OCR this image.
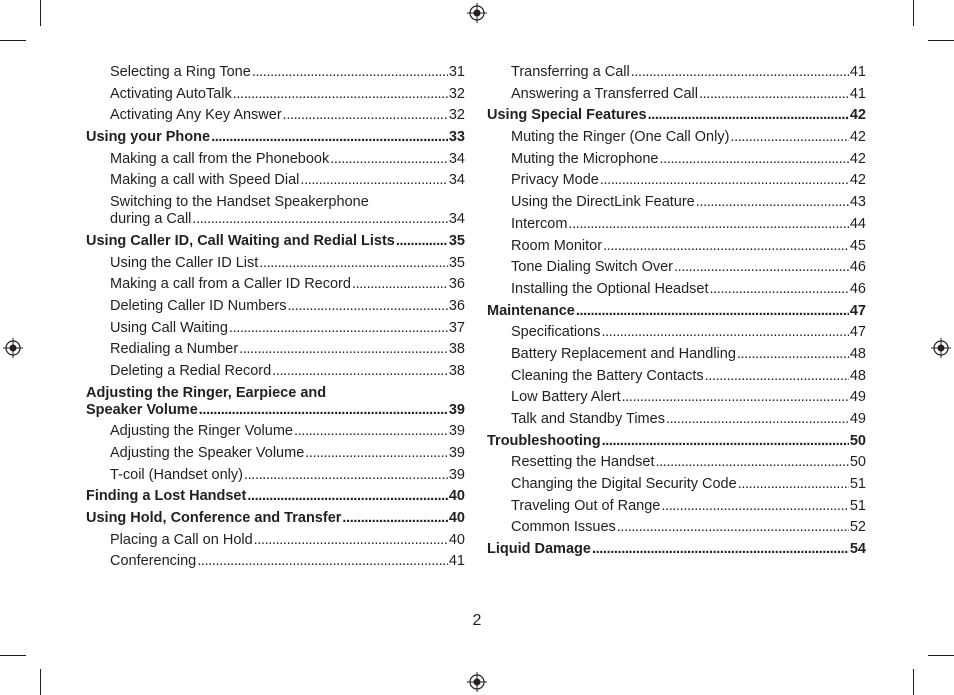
Selecting a Ring Tone . . .	31
Activating AutoTalk . . .	32
Activating Any Key Answer . . .	32
Using your Phone . . .	33
Making a call from the Phonebook . . .	34
Making a call with Speed Dial . . .	34
Switching to the Handset Speakerphone
during a Call . . .	34
Using Caller ID, Call Waiting and Redial Lists . . .	35
Using the Caller ID List . . .	35
Making a call from a Caller ID Record . . .	36
Deleting Caller ID Numbers . . .	36
Using Call Waiting . . .	37
Redialing a Number . . .	38
Deleting a Redial Record . . .	38
Adjusting the Ringer, Earpiece and
Speaker Volume . . .	39
Adjusting the Ringer Volume . . .	39
Adjusting the Speaker Volume . . .	39
T-coil (Handset only) . . .	39
Finding a Lost Handset . . .	40
Using Hold, Conference and Transfer . . .	40
Placing a Call on Hold . . .	40
Conferencing . . .	41
Transferring a Call . . .	41
Answering a Transferred Call . . .	41
Using Special Features . . .	42
Muting the Ringer (One Call Only) . . .	42
Muting the Microphone . . .	42
Privacy Mode . . .	42
Using the DirectLink Feature . . .	43
Intercom . . .	44
Room Monitor . . .	45
Tone Dialing Switch Over . . .	46
Installing the Optional Headset . . .	46
Maintenance . . .	47
Specifications . . .	47
Battery Replacement and Handling . . .	48
Cleaning the Battery Contacts . . .	48
Low Battery Alert . . .	49
Talk and Standby Times . . .	49
Troubleshooting . . .	50
Resetting the Handset . . .	50
Changing the Digital Security Code . . .	51
Traveling Out of Range . . .	51
Common Issues . . .	52
Liquid Damage . . .	54
2
